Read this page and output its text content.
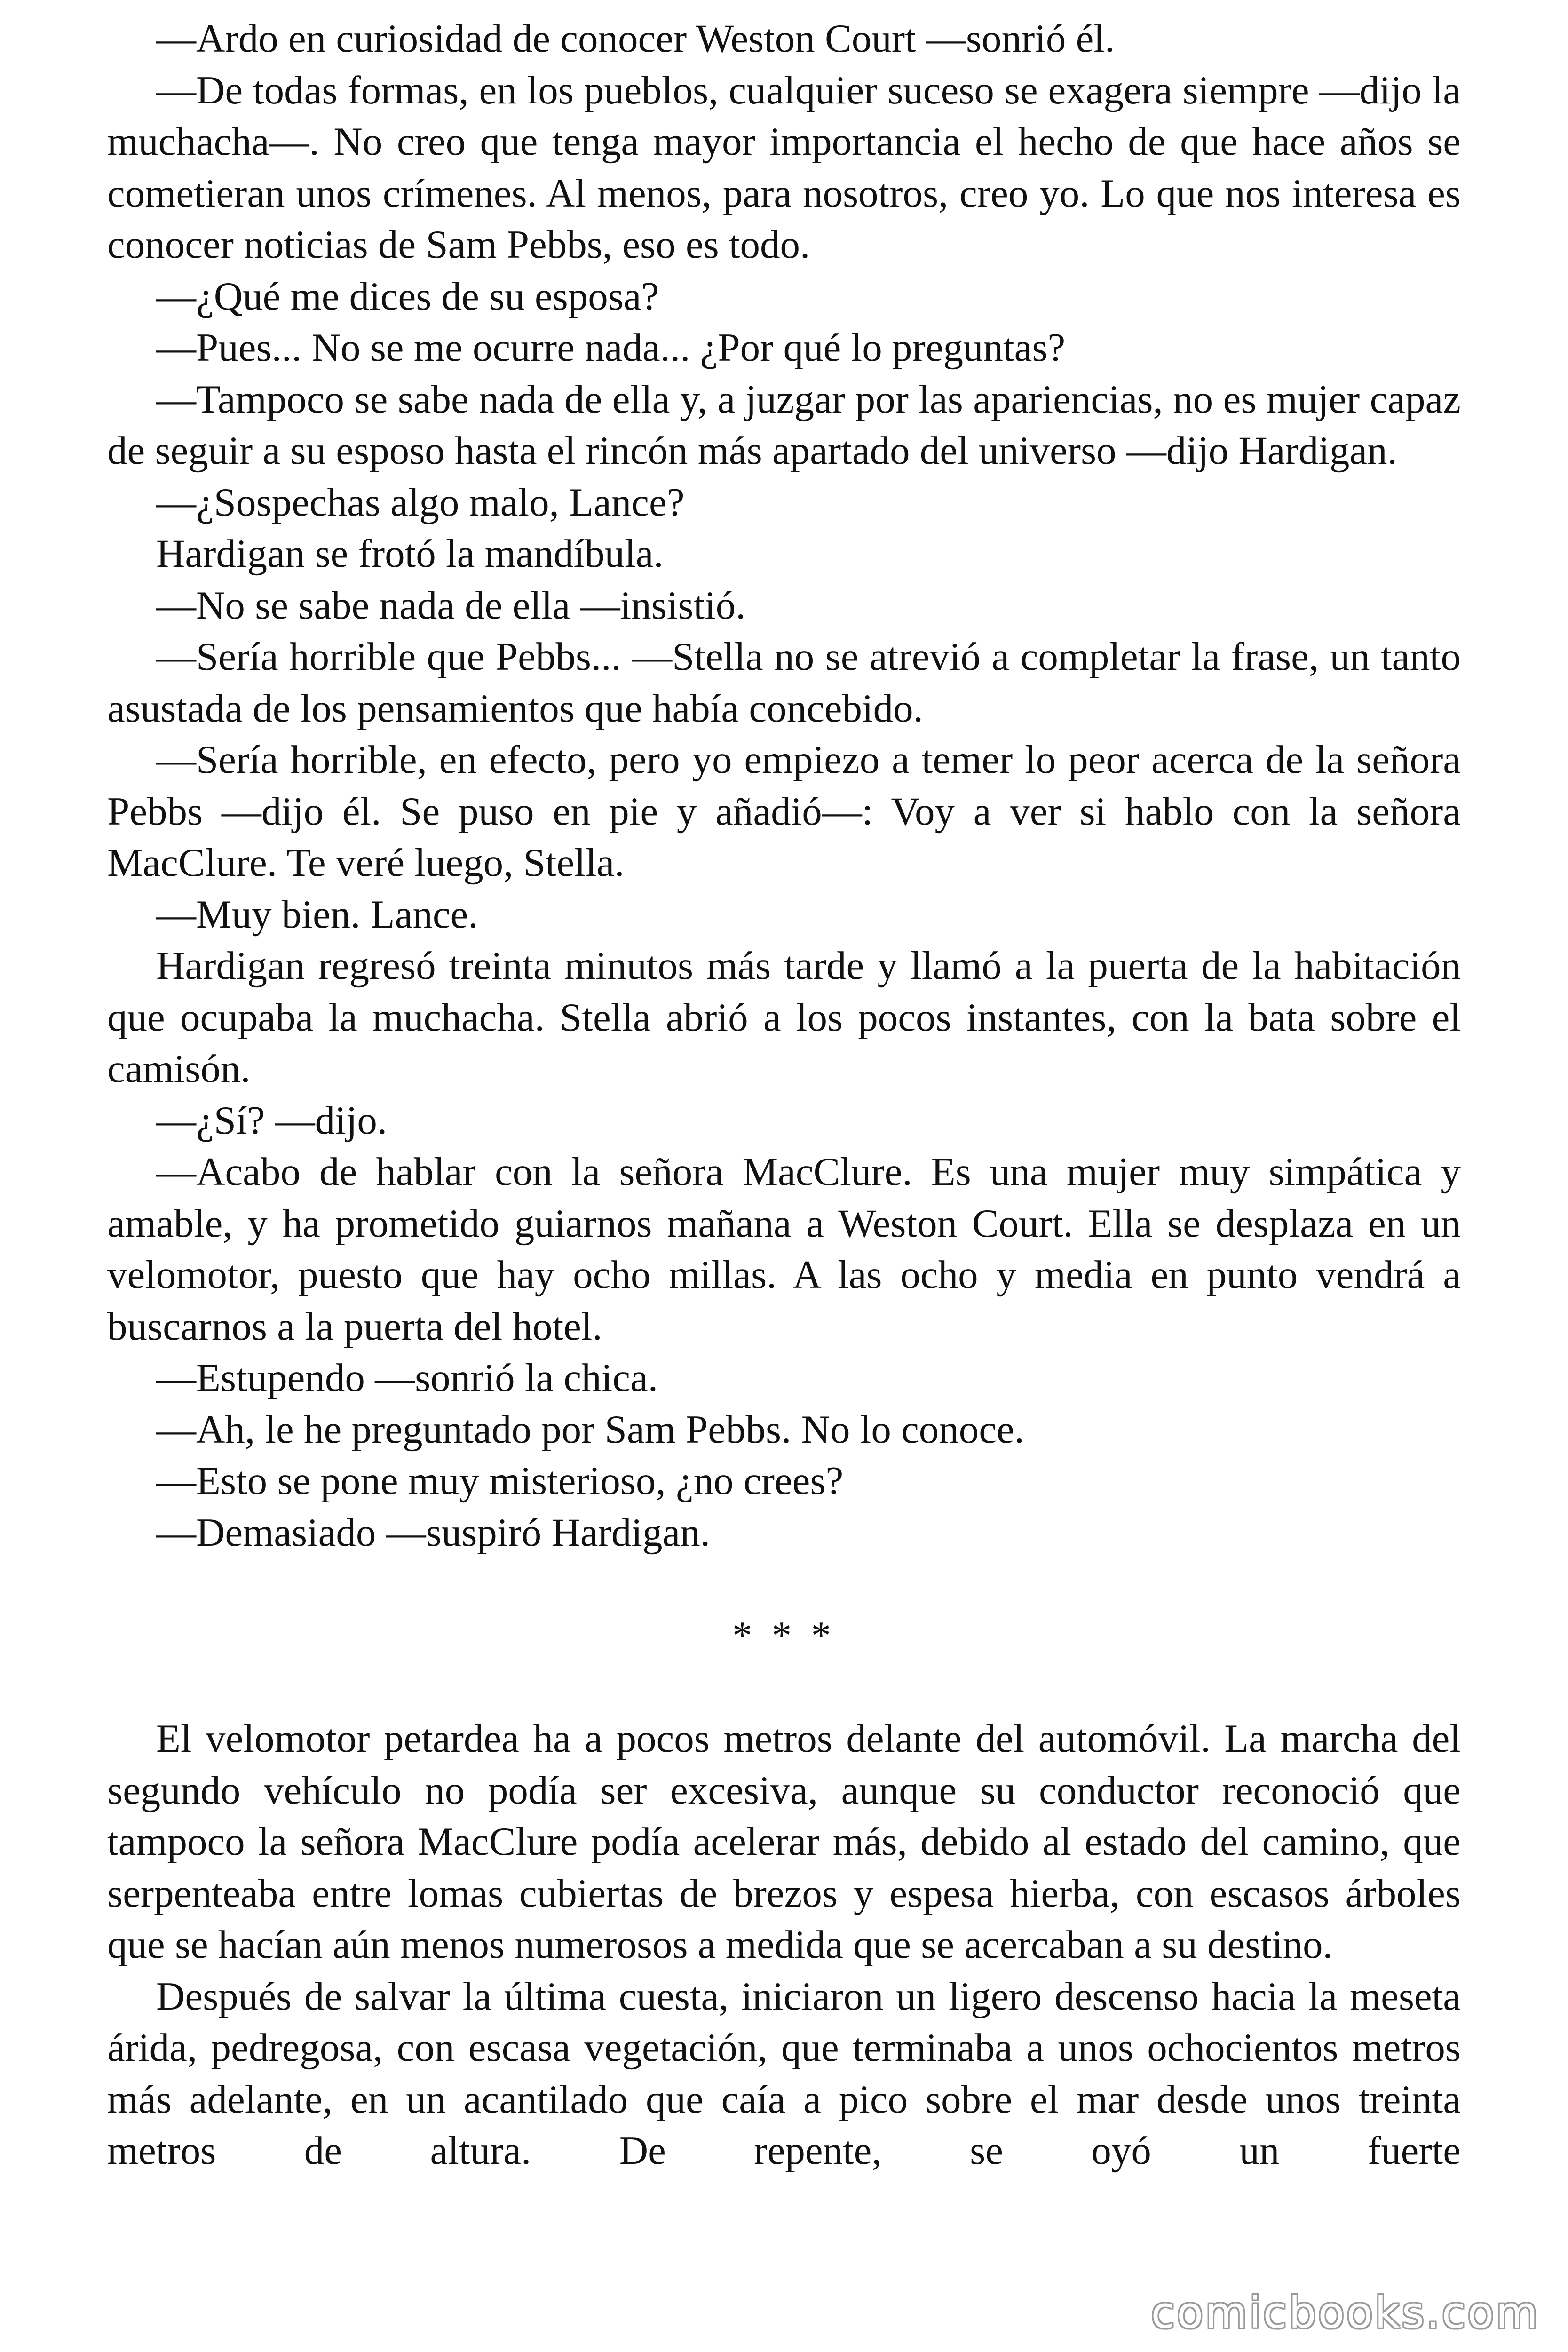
—Ardo en curiosidad de conocer Weston Court —sonrió él.

—De todas formas, en los pueblos, cualquier suceso se exagera siempre —dijo la muchacha—. No creo que tenga mayor importancia el hecho de que hace años se cometieran unos crímenes. Al menos, para nosotros, creo yo. Lo que nos interesa es conocer noticias de Sam Pebbs, eso es todo.

—¿Qué me dices de su esposa?

—Pues... No se me ocurre nada... ¿Por qué lo preguntas?

—Tampoco se sabe nada de ella y, a juzgar por las apariencias, no es mujer capaz de seguir a su esposo hasta el rincón más apartado del universo —dijo Hardigan.

—¿Sospechas algo malo, Lance?

Hardigan se frotó la mandíbula.

—No se sabe nada de ella —insistió.

—Sería horrible que Pebbs... —Stella no se atrevió a completar la frase, un tanto asustada de los pensamientos que había concebido.

—Sería horrible, en efecto, pero yo empiezo a temer lo peor acerca de la señora Pebbs —dijo él. Se puso en pie y añadió—: Voy a ver si hablo con la señora MacClure. Te veré luego, Stella.

—Muy bien. Lance.

Hardigan regresó treinta minutos más tarde y llamó a la puerta de la habitación que ocupaba la muchacha. Stella abrió a los pocos instantes, con la bata sobre el camisón.

—¿Sí? —dijo.

—Acabo de hablar con la señora MacClure. Es una mujer muy simpática y amable, y ha prometido guiarnos mañana a Weston Court. Ella se desplaza en un velomotor, puesto que hay ocho millas. A las ocho y media en punto vendrá a buscarnos a la puerta del hotel.

—Estupendo —sonrió la chica.

—Ah, le he preguntado por Sam Pebbs. No lo conoce.

—Esto se pone muy misterioso, ¿no crees?

—Demasiado —suspiró Hardigan.

* * *

El velomotor petardea ha a pocos metros delante del automóvil. La marcha del segundo vehículo no podía ser excesiva, aunque su conductor reconoció que tampoco la señora MacClure podía acelerar más, debido al estado del camino, que serpenteaba entre lomas cubiertas de brezos y espesa hierba, con escasos árboles que se hacían aún menos numerosos a medida que se acercaban a su destino.

Después de salvar la última cuesta, iniciaron un ligero descenso hacia la meseta árida, pedregosa, con escasa vegetación, que terminaba a unos ochocientos metros más adelante, en un acantilado que caía a pico sobre el mar desde unos treinta metros de altura. De repente, se oyó un fuerte

comicbooks.com
